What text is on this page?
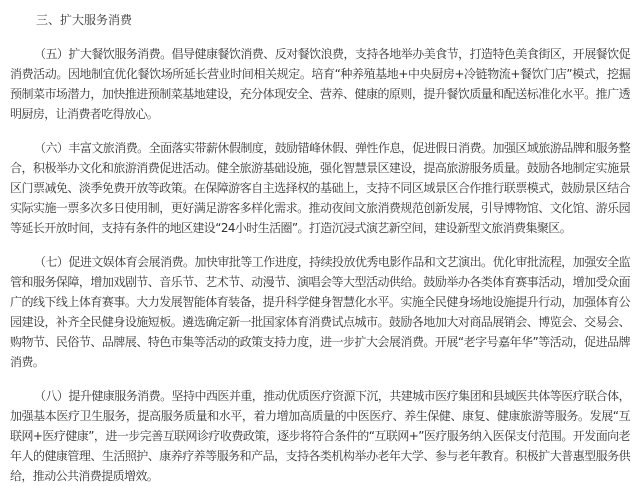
三、扩大服务消费

（五）扩大餐饮服务消费。倡导健康餐饮消费、反对餐饮浪费，支持各地举办美食节，打造特色美食街区，开展餐饮促消费活动。因地制宜优化餐饮场所延长营业时间相关规定。培育“种养殖基地+中央厨房+冷链物流+餐饮门店”模式，挖掘预制菜市场潜力，加快推进预制菜基地建设，充分体现安全、营养、健康的原则，提升餐饮质量和配送标准化水平。推广透明厨房，让消费者吃得放心。

（六）丰富文旅消费。全面落实带薪休假制度，鼓励错峰休假、弹性作息，促进假日消费。加强区域旅游品牌和服务整合，积极举办文化和旅游消费促进活动。健全旅游基础设施，强化智慧景区建设，提高旅游服务质量。鼓励各地制定实施景区门票减免、淡季免费开放等政策。在保障游客自主选择权的基础上，支持不同区域景区合作推行联票模式，鼓励景区结合实际实施一票多次多日使用制，更好满足游客多样化需求。推动夜间文旅消费规范创新发展，引导博物馆、文化馆、游乐园等延长开放时间，支持有条件的地区建设“24小时生活圈”。打造沉浸式演艺新空间，建设新型文旅消费集聚区。

（七）促进文娱体育会展消费。加快审批等工作进度，持续投放优秀电影作品和文艺演出。优化审批流程，加强安全监管和服务保障，增加戏剧节、音乐节、艺术节、动漫节、演唱会等大型活动供给。鼓励举办各类体育赛事活动，增加受众面广的线下线上体育赛事。大力发展智能体育装备，提升科学健身智慧化水平。实施全民健身场地设施提升行动，加强体育公园建设，补齐全民健身设施短板。遴选确定新一批国家体育消费试点城市。鼓励各地加大对商品展销会、博览会、交易会、购物节、民俗节、品牌展、特色市集等活动的政策支持力度，进一步扩大会展消费。开展“老字号嘉年华”等活动，促进品牌消费。

（八）提升健康服务消费。坚持中西医并重，推动优质医疗资源下沉，共建城市医疗集团和县域医共体等医疗联合体，加强基本医疗卫生服务，提高服务质量和水平，着力增加高质量的中医医疗、养生保健、康复、健康旅游等服务。发展“互联网+医疗健康”，进一步完善互联网诊疗收费政策，逐步将符合条件的“互联网+”医疗服务纳入医保支付范围。开发面向老年人的健康管理、生活照护、康养疗养等服务和产品，支持各类机构举办老年大学、参与老年教育。积极扩大普惠型服务供给，推动公共消费提质增效。
